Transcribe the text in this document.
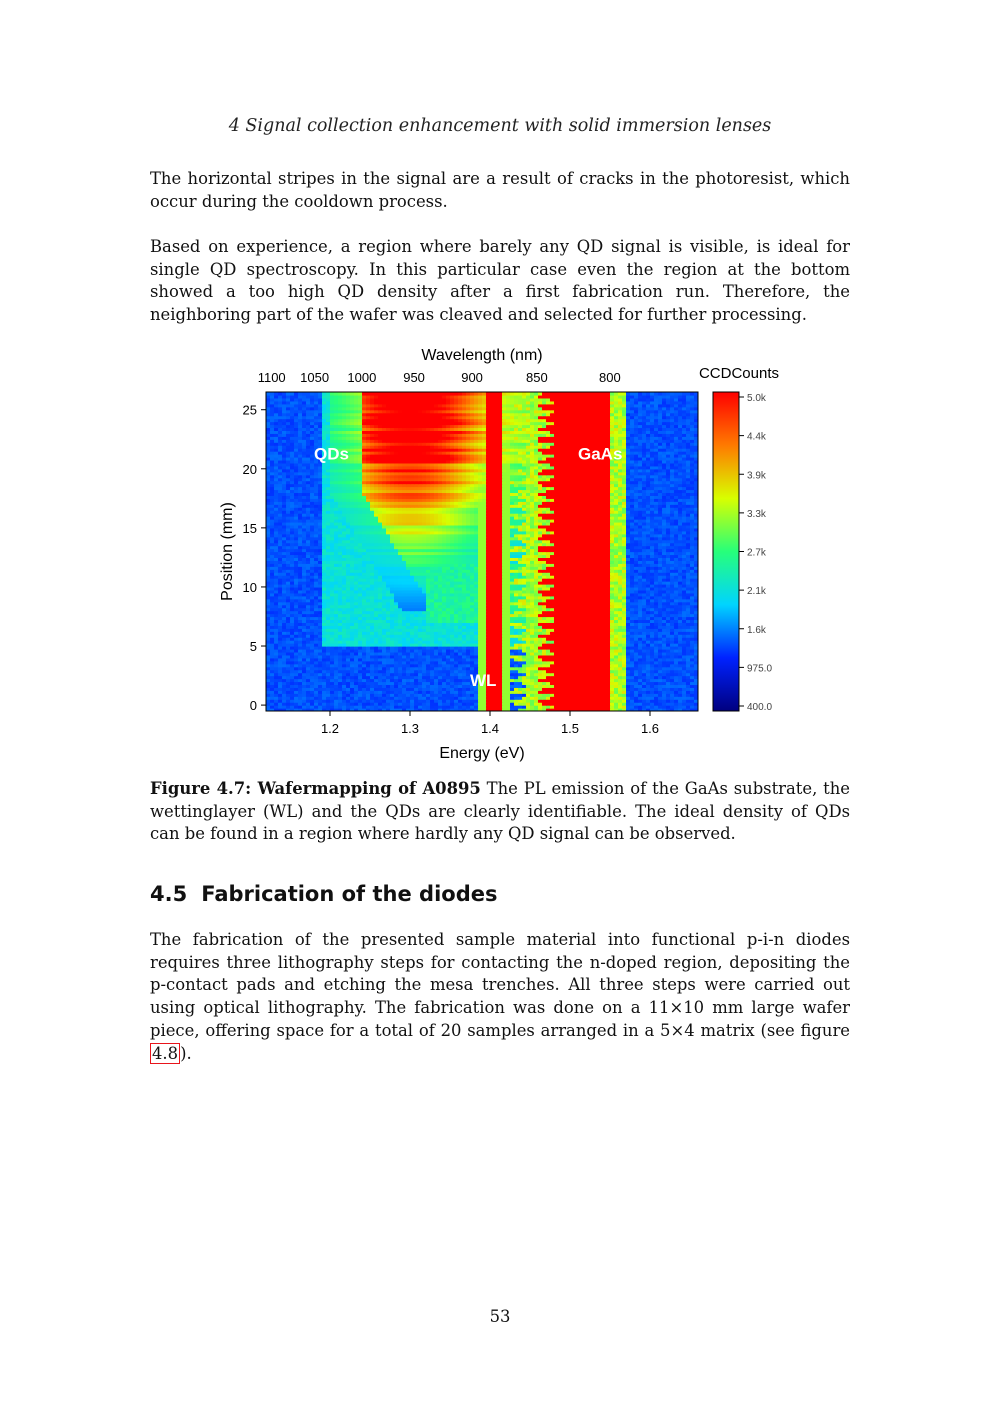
4 Signal collection enhancement with solid immersion lenses

The horizontal stripes in the signal are a result of cracks in the photoresist, which occur during the cooldown process.

Based on experience, a region where barely any QD signal is visible, is ideal for single QD spectroscopy. In this particular case even the region at the bottom showed a too high QD density after a first fabrication run. Therefore, the neighboring part of the wafer was cleaved and selected for further processing.

QDs	GaAs
WL
1.2	1.3	1.4	1.5	1.6
0
5
10
15
20
25
1100 1050 1000 950	900	850	800
Energy (eV)
Wavelength (nm)
Position (mm)
CCDCounts
5.0k
4.4k
3.9k
3.3k
2.7k
2.1k
1.6k
975.0
400.0

Figure 4.7: Wafermapping of A0895 The PL emission of the GaAs substrate, the wettinglayer (WL) and the QDs are clearly identifiable. The ideal density of QDs can be found in a region where hardly any QD signal can be observed.

4.5 Fabrication of the diodes

The fabrication of the presented sample material into functional p-i-n diodes requires three lithography steps for contacting the n-doped region, depositing the p-contact pads and etching the mesa trenches. All three steps were carried out using optical lithography. The fabrication was done on a 11×10 mm large wafer piece, offering space for a total of 20 samples arranged in a 5×4 matrix (see figure 4.8 ).

53
